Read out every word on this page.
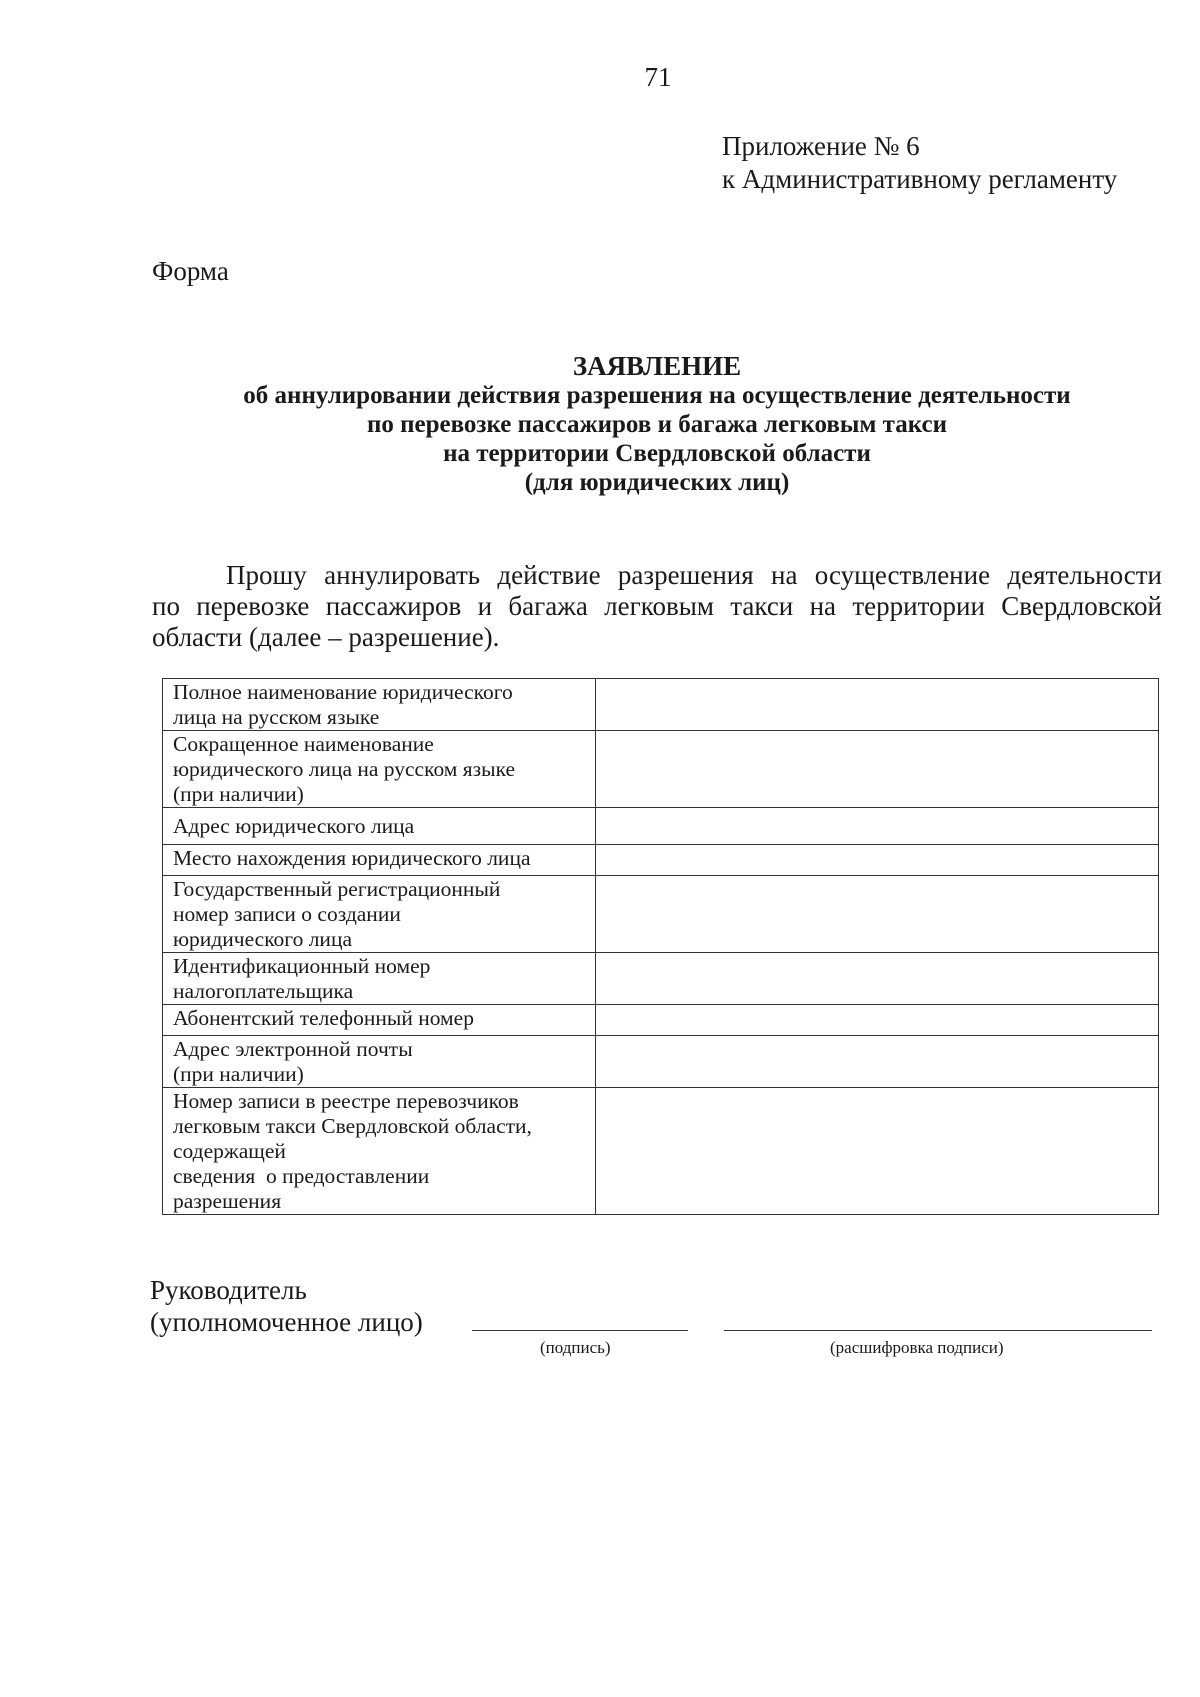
71
Приложение № 6
к Административному регламенту
Форма
ЗАЯВЛЕНИЕ
об аннулировании действия разрешения на осуществление деятельности
по перевозке пассажиров и багажа легковым такси
на территории Свердловской области
(для юридических лиц)
Прошу аннулировать действие разрешения на осуществление деятельности
по перевозке пассажиров и багажа легковым такси на территории Свердловской
области (далее – разрешение).
Полное наименование юридического
лица на русском языке	

Сокращенное наименование
юридического лица на русском языке
(при наличии)	

Адрес юридического лица	

Место нахождения юридического лица	

Государственный регистрационный
номер записи о создании
юридического лица	

Идентификационный номер
налогоплательщика	

Абонентский телефонный номер	

Адрес электронной почты
(при наличии)	

Номер записи в реестре перевозчиков
легковым такси Свердловской области,
содержащей
сведения  о предоставлении
разрешения	

Руководитель
(уполномоченное лицо)
(подпись)	(расшифровка подписи)
